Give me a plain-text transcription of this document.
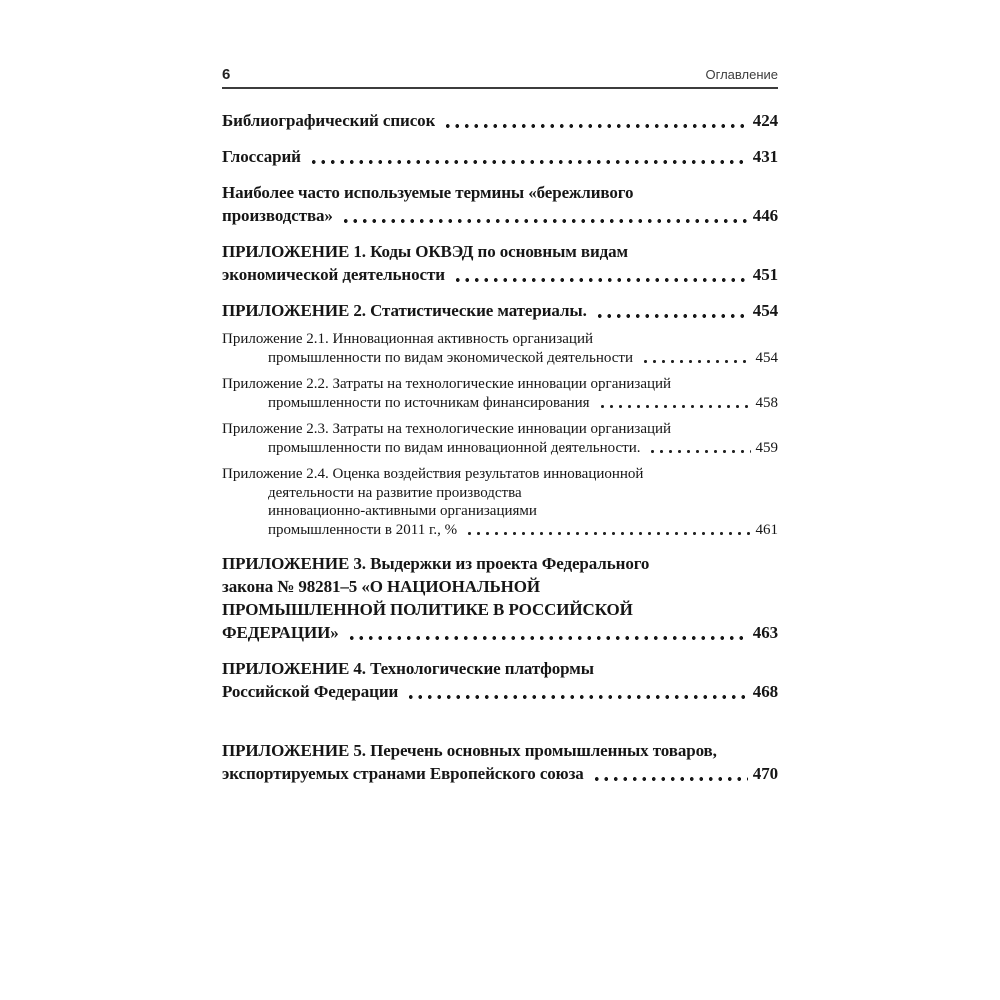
6	Оглавление
Библиографический список	424
Глоссарий	431
Наиболее часто используемые термины «бережливого
производства»	446
ПРИЛОЖЕНИЕ 1. Коды ОКВЭД по основным видам
экономической деятельности	451
ПРИЛОЖЕНИЕ 2. Статистические материалы.	454
Приложение 2.1. Инновационная активность организаций
промышленности по видам экономической деятельности	454
Приложение 2.2. Затраты на технологические инновации организаций
промышленности по источникам финансирования	458
Приложение 2.3. Затраты на технологические инновации организаций
промышленности по видам инновационной деятельности.	459
Приложение 2.4. Оценка воздействия результатов инновационной
деятельности на развитие производства
инновационно-активными организациями
промышленности в 2011 г., %	461
ПРИЛОЖЕНИЕ 3. Выдержки из проекта Федерального
закона № 98281–5 «О НАЦИОНАЛЬНОЙ
ПРОМЫШЛЕННОЙ ПОЛИТИКЕ В РОССИЙСКОЙ
ФЕДЕРАЦИИ»	463
ПРИЛОЖЕНИЕ 4. Технологические платформы
Российской Федерации	468
ПРИЛОЖЕНИЕ 5. Перечень основных промышленных товаров,
экспортируемых странами Европейского союза	470
